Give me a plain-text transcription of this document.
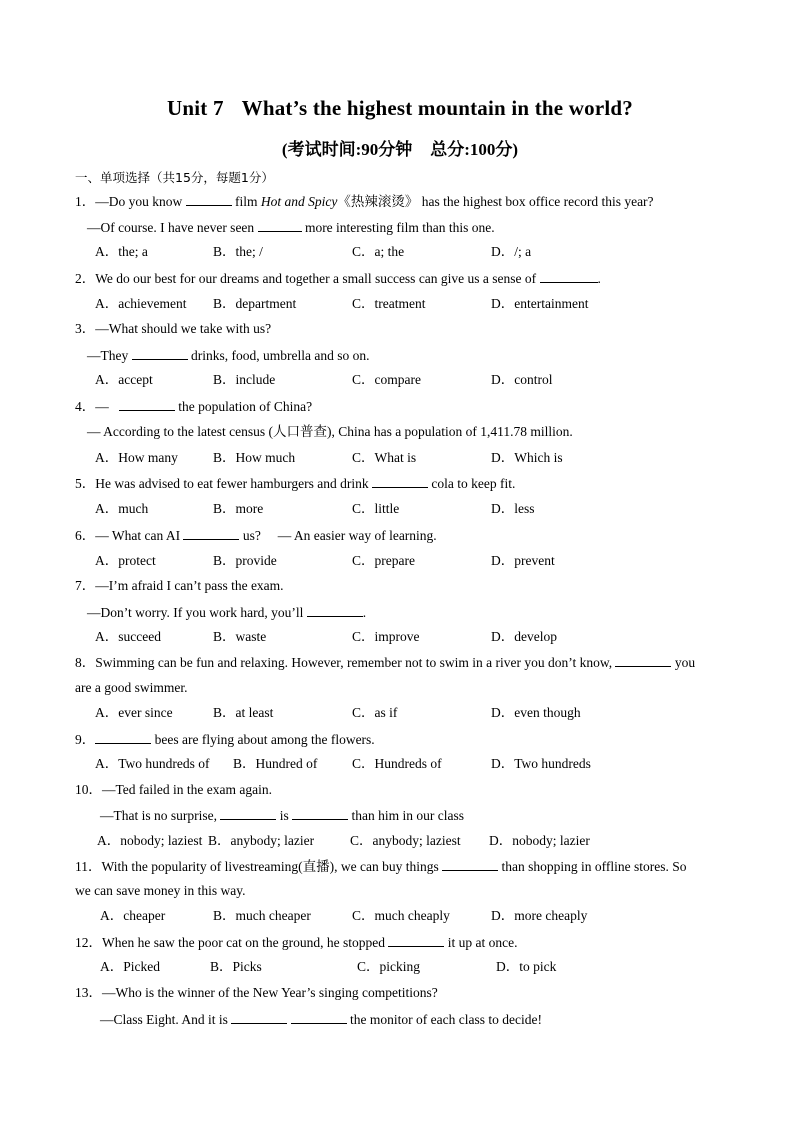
Unit 7 What’s the highest mountain in the world?
(考试时间:90分钟 总分:100分)
一、单项选择（共15分，每题1分）
1．—Do you know	film Hot and Spicy《热辣滚烫》 has the highest box office record this year?
—Of course. I have never seen	more interesting film than this one.
A．the; a	B．the; /	C．a; the	D．/; a
2．We do our best for our dreams and together a small success can give us a sense of	.
A．achievement B．department	C．treatment	D．entertainment
3．—What should we take with us?
—They	drinks, food, umbrella and so on.
A．accept	B．include	C．compare	D．control
4．—	the population of China?
— According to the latest census (人口普查), China has a population of 1,411.78 million.
A．How many	B．How much	C．What is	D．Which is
5．He was advised to eat fewer hamburgers and drink	cola to keep fit.
A．much	B．more	C．little	D．less
6．— What can AI	us? — An easier way of learning.
A．protect	B．provide	C．prepare	D．prevent
7．—I’m afraid I can’t pass the exam.
—Don’t worry. If you work hard, you’ll	.
A．succeed	B．waste	C．improve	D．develop
8．Swimming can be fun and relaxing. However, remember not to swim in a river you don’t know,	you
are a good swimmer.
A．ever since	B．at least	C．as if	D．even though
9．	bees are flying about among the flowers.
A．Two hundreds of B．Hundred of	C．Hundreds of	D．Two hundreds
10．—Ted failed in the exam again.
—That is no surprise,	is	than him in our class
A．nobody; laziest B．anybody; lazier	C．anybody; laziest D．nobody; lazier
11．With the popularity of livestreaming(直播), we can buy things	than shopping in offline stores. So
we can save money in this way.
A．cheaper	B．much cheaper	C．much cheaply	D．more cheaply
12．When he saw the poor cat on the ground, he stopped	it up at once.
A．Picked	B．Picks	C．picking	D．to pick
13．—Who is the winner of the New Year’s singing competitions?
—Class Eight. And it is	the monitor of each class to decide!
